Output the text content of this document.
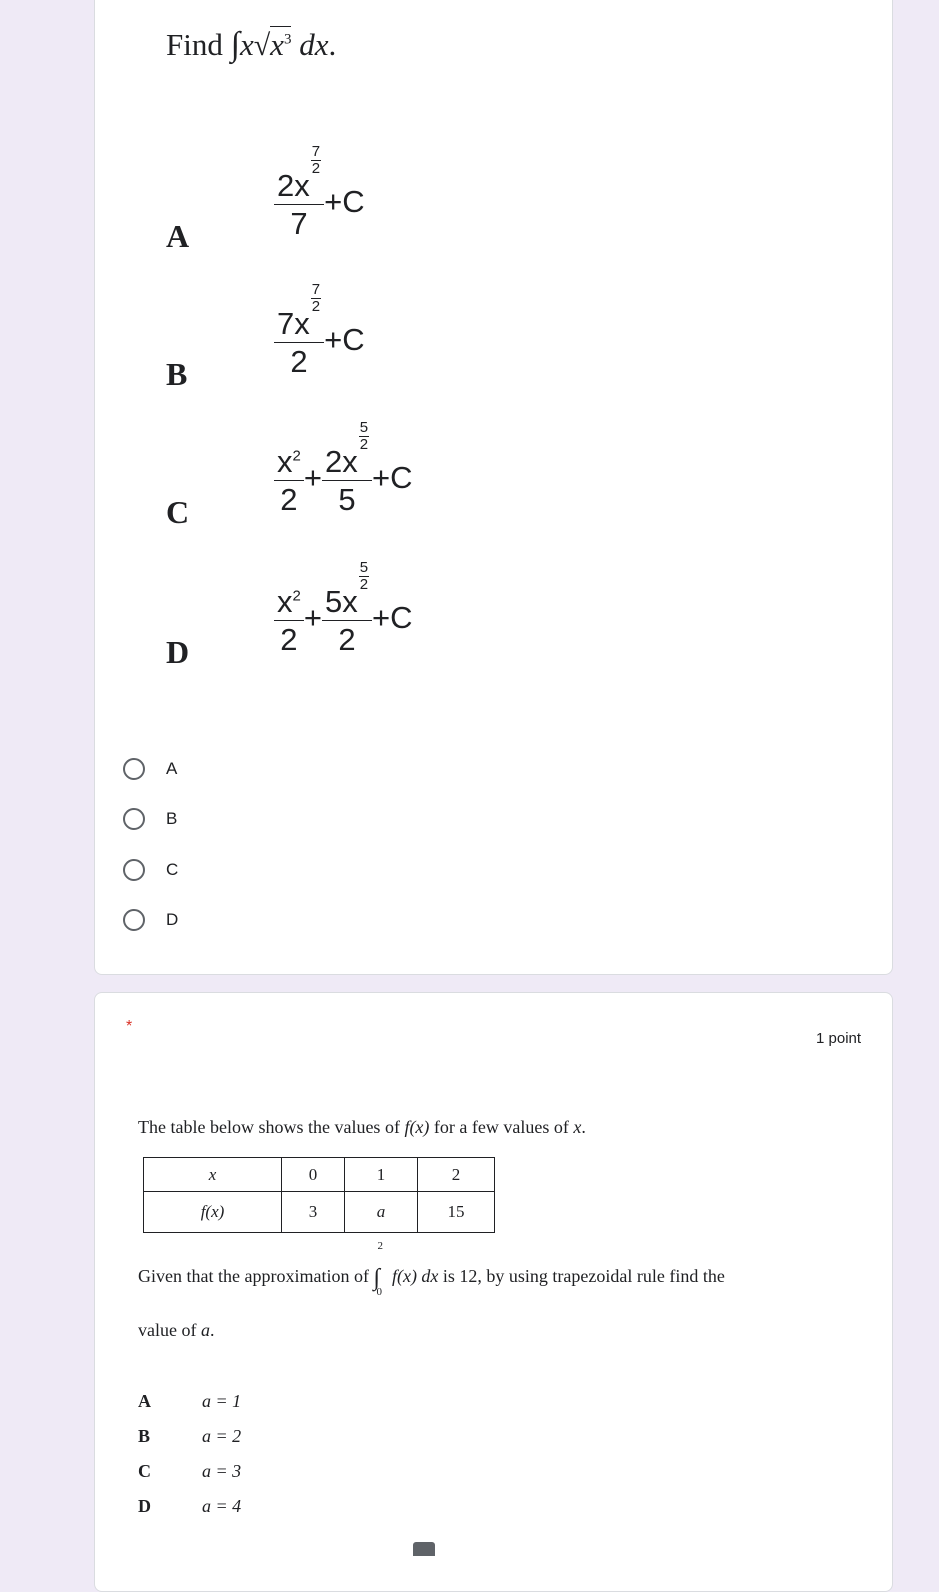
Find $\int x√x^3$ dx.
A	2x
$\frac{7}{2}$
7 +C
B	7x
$\frac{7}{2}$
2 +C
C	$\frac{x^2}{2} + 2x$
$\frac{5}{2}$
5 +C
D	$\frac{x^2}{2} + 5x$
$\frac{5}{2}$
2 +C
A
B
C
D
*
1 point
The table below shows the values of f(x) for a few values of x.
x	0	1	2
f(x)	3	a	15
Given that the approximation of
2
∫
0
f(x) dx is 12, by using trapezoidal rule find the
value of a.
A	a = 1
B	a = 2
C	a = 3
D	a = 4
